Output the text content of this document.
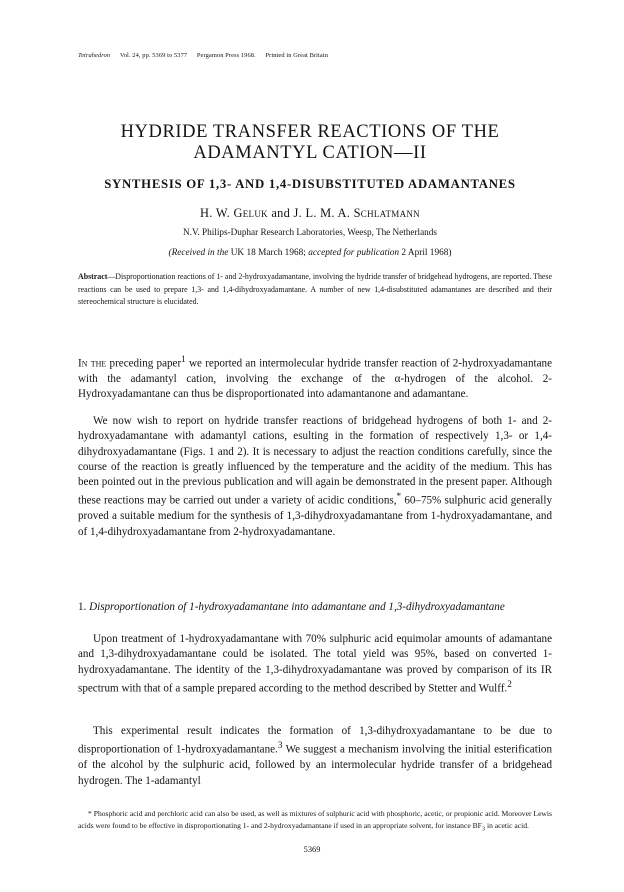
Tetrahedron Vol. 24, pp. 5369 to 5377 Pergamon Press 1968. Printed in Great Britain
HYDRIDE TRANSFER REACTIONS OF THE
ADAMANTYL CATION—II
SYNTHESIS OF 1,3- AND 1,4-DISUBSTITUTED ADAMANTANES
H. W. Geluk and J. L. M. A. Schlatmann
N.V. Philips-Duphar Research Laboratories, Weesp, The Netherlands
(Received in the UK 18 March 1968; accepted for publication 2 April 1968)

Abstract—Disproportionation reactions of 1- and 2-hydroxyadamantane, involving the hydride transfer of bridgehead hydrogens, are reported. These reactions can be used to prepare 1,3- and 1,4-dihydroxyadamantane. A number of new 1,4-disubstituted adamantanes are described and their stereochemical structure is elucidated.

In the preceding paper$^1$ we reported an intermolecular hydride transfer reaction of 2-hydroxyadamantane with the adamantyl cation, involving the exchange of the α-hydrogen of the alcohol. 2-Hydroxyadamantane can thus be disproportionated into adamantanone and adamantane.

We now wish to report on hydride transfer reactions of bridgehead hydrogens of both 1- and 2-hydroxyadamantane with adamantyl cations, esulting in the formation of respectively 1,3- or 1,4-dihydroxyadamantane (Figs. 1 and 2). It is necessary to adjust the reaction conditions carefully, since the course of the reaction is greatly influenced by the temperature and the acidity of the medium. This has been pointed out in the previous publication and will again be demonstrated in the present paper. Although these reactions may be carried out under a variety of acidic conditions,* 60–75% sulphuric acid generally proved a suitable medium for the synthesis of 1,3-dihydroxyadamantane from 1-hydroxyadamantane, and of 1,4-dihydroxyadamantane from 2-hydroxyadamantane.

1. Disproportionation of 1-hydroxyadamantane into adamantane and 1,3-dihydroxyadamantane

Upon treatment of 1-hydroxyadamantane with 70% sulphuric acid equimolar amounts of adamantane and 1,3-dihydroxyadamantane could be isolated. The total yield was 95%, based on converted 1-hydroxyadamantane. The identity of the 1,3-dihydroxyadamantane was proved by comparison of its IR spectrum with that of a sample prepared according to the method described by Stetter and Wulff.$^2$

This experimental result indicates the formation of 1,3-dihydroxyadamantane to be due to disproportionation of 1-hydroxyadamantane.$^3$ We suggest a mechanism involving the initial esterification of the alcohol by the sulphuric acid, followed by an intermolecular hydride transfer of a bridgehead hydrogen. The 1-adamantyl

* Phosphoric acid and perchloric acid can also be used, as well as mixtures of sulphuric acid with phosphoric, acetic, or propionic acid. Moreover Lewis acids were found to be effective in disproportionating 1- and 2-hydroxyadamantane if used in an appropriate solvent, for instance $BF_3$ in acetic acid.

5369
